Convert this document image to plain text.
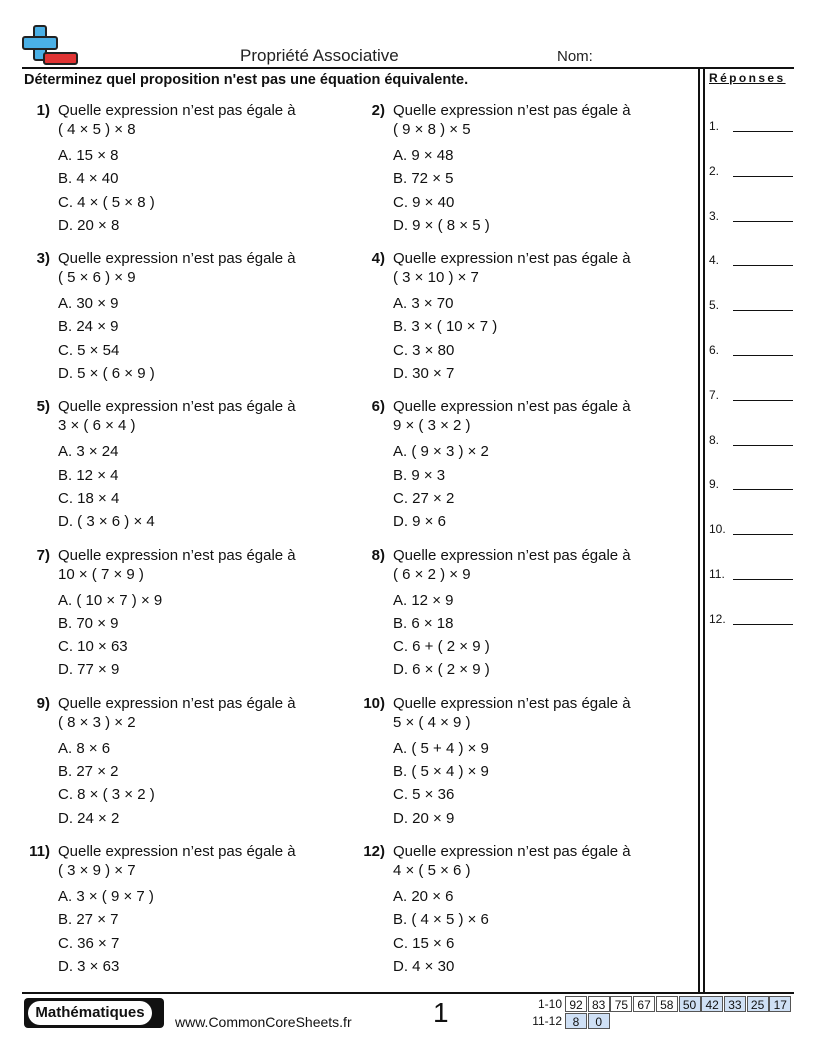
Propriété Associative	Nom:
Déterminez quel proposition n'est pas une équation équivalente.	Réponses
1.
2.
3.
4.
5.
6.
7.
8.
9.
10.
11.
12.
1) Quelle expression n’est pas égale à
( 4 × 5 ) × 8
A. 15 × 8
B. 4 × 40
C. 4 × ( 5 × 8 )
D. 20 × 8
2) Quelle expression n’est pas égale à
( 9 × 8 ) × 5
A. 9 × 48
B. 72 × 5
C. 9 × 40
D. 9 × ( 8 × 5 )
3) Quelle expression n’est pas égale à
( 5 × 6 ) × 9
A. 30 × 9
B. 24 × 9
C. 5 × 54
D. 5 × ( 6 × 9 )
4) Quelle expression n’est pas égale à
( 3 × 10 ) × 7
A. 3 × 70
B. 3 × ( 10 × 7 )
C. 3 × 80
D. 30 × 7
5) Quelle expression n’est pas égale à
3 × ( 6 × 4 )
A. 3 × 24
B. 12 × 4
C. 18 × 4
D. ( 3 × 6 ) × 4
6) Quelle expression n’est pas égale à
9 × ( 3 × 2 )
A. ( 9 × 3 ) × 2
B. 9 × 3
C. 27 × 2
D. 9 × 6
7) Quelle expression n’est pas égale à
10 × ( 7 × 9 )
A. ( 10 × 7 ) × 9
B. 70 × 9
C. 10 × 63
D. 77 × 9
8) Quelle expression n’est pas égale à
( 6 × 2 ) × 9
A. 12 × 9
B. 6 × 18
C. 6 + ( 2 × 9 )
D. 6 × ( 2 × 9 )
9) Quelle expression n’est pas égale à
( 8 × 3 ) × 2
A. 8 × 6
B. 27 × 2
C. 8 × ( 3 × 2 )
D. 24 × 2
10) Quelle expression n’est pas égale à
5 × ( 4 × 9 )
A. ( 5 + 4 ) × 9
B. ( 5 × 4 ) × 9
C. 5 × 36
D. 20 × 9
11) Quelle expression n’est pas égale à
( 3 × 9 ) × 7
A. 3 × ( 9 × 7 )
B. 27 × 7
C. 36 × 7
D. 3 × 63
12) Quelle expression n’est pas égale à
4 × ( 5 × 6 )
A. 20 × 6
B. ( 4 × 5 ) × 6
C. 15 × 6
D. 4 × 30
Mathématiques
www.CommonCoreSheets.fr	1	1-10 92 83 75 67 58 50 42 33 25 17
11-12 8	0
